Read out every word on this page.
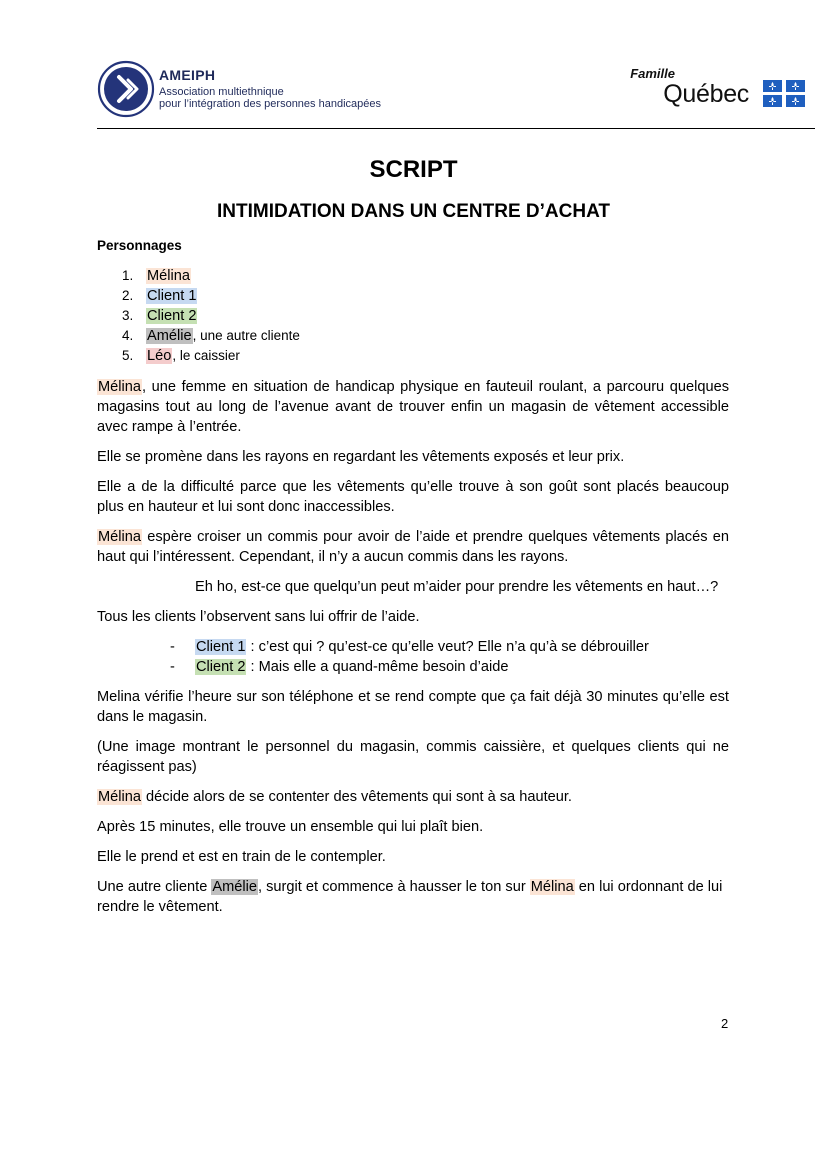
AMEIPH
Association multiethnique
pour l’intégration des personnes handicapées
Famille
Québec
SCRIPT
INTIMIDATION DANS UN CENTRE D’ACHAT
Personnages
1. Mélina
2. Client 1
3. Client 2
4. Amélie, une autre cliente
5. Léo, le caissier

Mélina, une femme en situation de handicap physique en fauteuil roulant, a parcouru quelques magasins tout au long de l’avenue avant de trouver enfin un magasin de vêtement accessible avec rampe à l’entrée.

Elle se promène dans les rayons en regardant les vêtements exposés et leur prix.

Elle a de la difficulté parce que les vêtements qu’elle trouve à son goût sont placés beaucoup plus en hauteur et lui sont donc inaccessibles.

Mélina espère croiser un commis pour avoir de l’aide et prendre quelques vêtements placés en haut qui l’intéressent. Cependant, il n’y a aucun commis dans les rayons.

Eh ho, est-ce que quelqu’un peut m’aider pour prendre les vêtements en haut…?

Tous les clients l’observent sans lui offrir de l’aide.

- Client 1 : c’est qui ? qu’est-ce qu’elle veut? Elle n’a qu’à se débrouiller
- Client 2 : Mais elle a quand-même besoin d’aide

Melina vérifie l’heure sur son téléphone et se rend compte que ça fait déjà 30 minutes qu’elle est dans le magasin.

(Une image montrant le personnel du magasin, commis caissière, et quelques clients qui ne réagissent pas)

Mélina décide alors de se contenter des vêtements qui sont à sa hauteur.

Après 15 minutes, elle trouve un ensemble qui lui plaît bien.

Elle le prend et est en train de le contempler.

Une autre cliente Amélie, surgit et commence à hausser le ton sur Mélina en lui ordonnant de lui rendre le vêtement.

2
